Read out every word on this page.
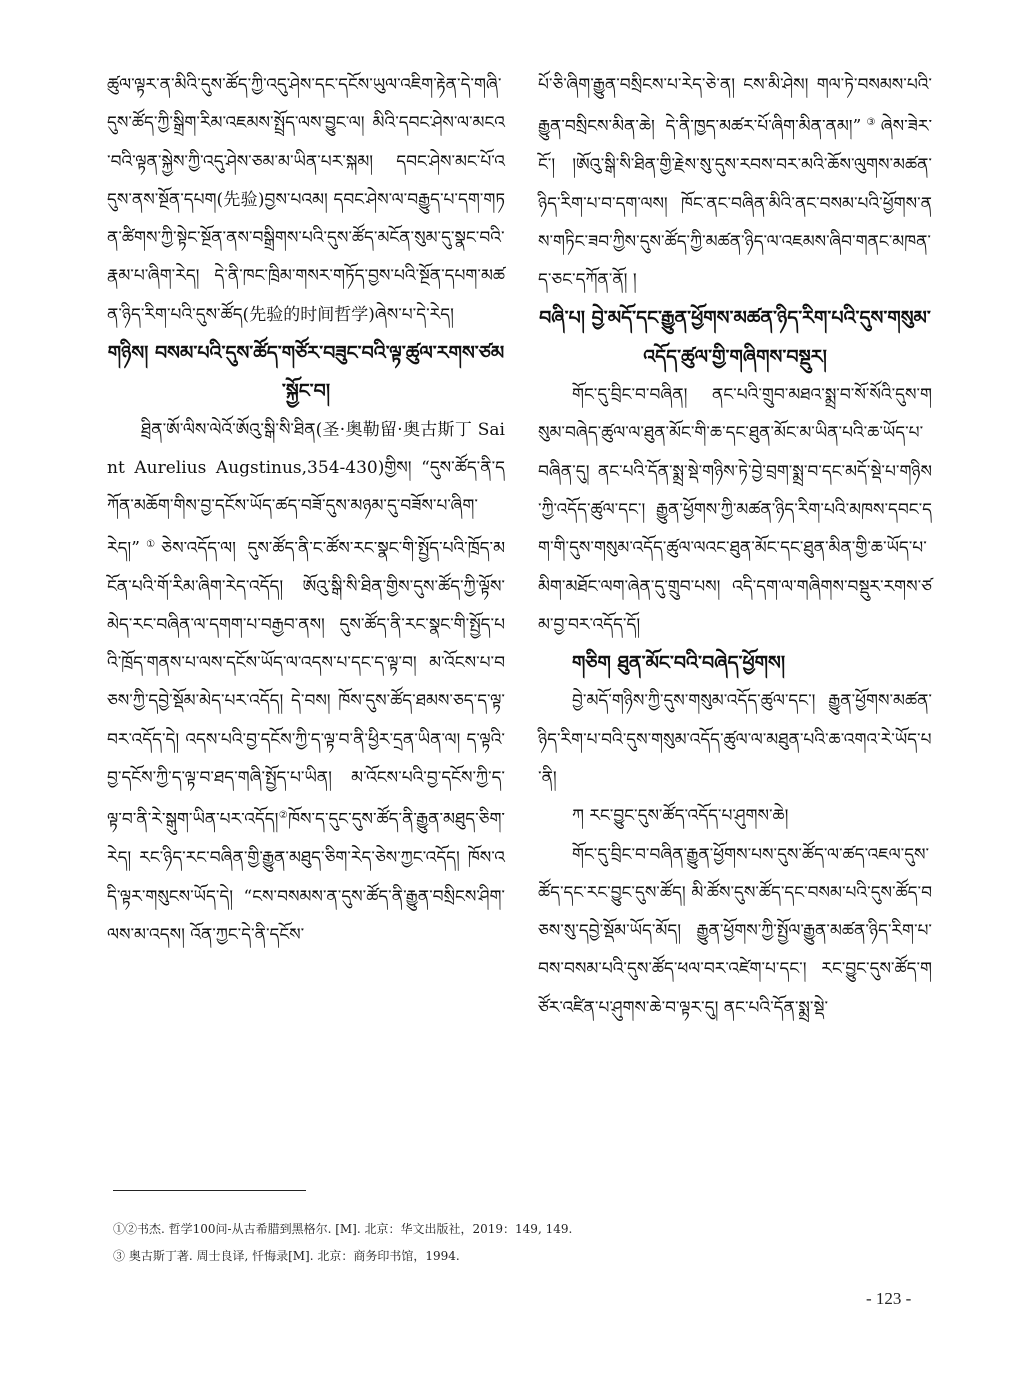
ཚུལ་ལྟར་ན་མིའི་དུས་ཚོད་ཀྱི་འདུ་ཤེས་དང་དངོས་ཡུལ་འཇིག་རྟེན་དེ་གཞི་དུས་ཚོད་ཀྱི་སྒྲིག་རིམ་འཇམས་སྤྲོད་ལས་བྱུང་ལ། མིའི་དབང་ཤེས་ལ་མངའ་བའི་ལྟན་སྐྱེས་ཀྱི་འདུ་ཤེས་ཅམ་མ་ཡིན་པར་སྐམ། དབང་ཤེས་མང་པོ་འདུས་ནས་སྔོན་དཔག(先验)བྱས་པའམ། དབང་ཤེས་ལ་བརྒྱུད་པ་དག་གཏན་ཚིགས་ཀྱི་སྟེང་སྔོན་ནས་བསྒྲིགས་པའི་དུས་ཚོད་མངོན་སུམ་དུ་སྣང་བའི་རྣམ་པ་ཞིག་རེད། དེ་ནི་ཁང་ཁྲིམ་གསར་གཏོད་བྱས་པའི་སྔོན་དཔག་མཚན་ཉིད་རིག་པའི་དུས་ཚོད(先验的时间哲学)ཞེས་པ་དེ་རེད།

གཉིས། བསམ་པའི་དུས་ཚོད་གཙོར་བཟུང་བའི་ལྟ་ཚུལ་རགས་ཙམ་སྐྱོང་བ།

ཐྲིན་ཨོ་ལིས་ལེའོ་ཨོའུ་སྒི་སི་ཐིན(圣·奥勒留·奥古斯丁 Saint Aurelius Augstinus,354-430)གྱིས། “དུས་ཚོད་ནི་དཀོན་མཆོག་གིས་བྱ་དངོས་ཡོད་ཚད་བཟོ་དུས་མཉམ་དུ་བཟོས་པ་ཞིག་རེད།”①ཅེས་འདོད་ལ། དུས་ཚོད་ནི་ང་ཚོས་རང་སྣང་གི་སྤྱོད་པའི་ཁྲོད་མངོན་པའི་གོ་རིམ་ཞིག་རེད་འདོད། ཨོའུ་སྒི་སི་ཐིན་གྱིས་དུས་ཚོད་ཀྱི་ལྟོས་མེད་རང་བཞིན་ལ་དགག་པ་བརྒྱབ་ནས། དུས་ཚོད་ནི་རང་སྣང་གི་སྤྱོད་པའི་ཁྲོད་གནས་པ་ལས་དངོས་ཡོད་ལ་འདས་པ་དང་ད་ལྟ་བ། མ་འོངས་པ་བཅས་ཀྱི་དབྱེ་སྡོམ་མེད་པར་འདོད། དེ་བས། ཁོས་དུས་ཚོད་ཐམས་ཅད་ད་ལྟ་བར་འདོད་དེ། འདས་པའི་བྱ་དངོས་ཀྱི་ད་ལྟ་བ་ནི་ཕྱིར་དྲན་ཡིན་ལ། ད་ལྟའི་བྱ་དངོས་ཀྱི་ད་ལྟ་བ་ཐད་གཞི་སྤྱོད་པ་ཡིན། མ་འོངས་པའི་བྱ་དངོས་ཀྱི་ད་ལྟ་བ་ནི་རེ་སྒུག་ཡིན་པར་འདོད།②ཁོས་ད་དུང་དུས་ཚོད་ནི་རྒྱུན་མཐུད་ཅིག་རེད། རང་ཉིད་རང་བཞིན་གྱི་རྒྱུན་མཐུད་ཅིག་རེད་ཅེས་ཀྱང་འདོད། ཁོས་འདི་ལྟར་གསུངས་ཡོད་དེ། “ངས་བསམས་ན་དུས་ཚོད་ནི་རྒྱུན་བསྲིངས་ཤིག་ལས་མ་འདས། འོན་ཀྱང་དེ་ནི་དངོས་

པོ་ཅི་ཞིག་རྒྱུན་བསྲིངས་པ་རེད་ཅེ་ན། ངས་མི་ཤེས། གལ་ཏེ་བསམས་པའི་རྒྱུན་བསྲིངས་མིན་ཆེ། དེ་ནི་ཁྱད་མཚར་པོ་ཞིག་མིན་ནམ།”③ཞེས་ཟེར་ངོ་། །ཨོའུ་སྒི་སི་ཐིན་གྱི་རྗེས་སུ་དུས་རབས་བར་མའི་ཆོས་ལུགས་མཚན་ཉིད་རིག་པ་བ་དག་ལས། ཁོང་ནང་བཞིན་མིའི་ནང་བསམ་པའི་ཕྱོགས་ནས་གཏིང་ཟབ་ཀྱིས་དུས་ཚོད་ཀྱི་མཚན་ཉིད་ལ་འཇམས་ཞིབ་གནང་མཁན་ད་ཅང་དཀོན་ནོ། །

བཞི་པ། བྱེ་མདོ་དང་རྒྱུན་ཕྱོགས་མཚན་ཉིད་རིག་པའི་དུས་གསུམ་འདོད་ཚུལ་གྱི་གཞིགས་བསྡུར།

གོང་དུ་བྲིང་བ་བཞིན། ནང་པའི་གྲུབ་མཐའ་སྨྲ་བ་སོ་སོའི་དུས་གསུམ་བཞེད་ཚུལ་ལ་ཐུན་མོང་གི་ཆ་དང་ཐུན་མོང་མ་ཡིན་པའི་ཆ་ཡོད་པ་བཞིན་དུ། ནང་པའི་དོན་སྨྲ་སྡེ་གཉིས་ཏེ་བྱེ་བྲག་སྨྲ་བ་དང་མདོ་སྡེ་པ་གཉིས་ཀྱི་འདོད་ཚུལ་དང་། རྒྱུན་ཕྱོགས་ཀྱི་མཚན་ཉིད་རིག་པའི་མཁས་དབང་དག་གི་དུས་གསུམ་འདོད་ཚུལ་ལའང་ཐུན་མོང་དང་ཐུན་མིན་གྱི་ཆ་ཡོད་པ་མིག་མཐོང་ལག་ཞེན་དུ་གྲུབ་པས། འདི་དག་ལ་གཞིགས་བསྡུར་རགས་ཙམ་བྱ་བར་འདོད་དོ།

གཅིག ཐུན་མོང་བའི་བཞེད་ཕྱོགས།

བྱེ་མདོ་གཉིས་ཀྱི་དུས་གསུམ་འདོད་ཚུལ་དང་། རྒྱུན་ཕྱོགས་མཚན་ཉིད་རིག་པ་བའི་དུས་གསུམ་འདོད་ཚུལ་ལ་མཐུན་པའི་ཆ་འགའ་རེ་ཡོད་པ་ནི།

ཀ རང་བྱུང་དུས་ཚོད་འདོད་པ་ཤུགས་ཆེ།

གོང་དུ་བྲིང་བ་བཞིན་རྒྱུན་ཕྱོགས་པས་དུས་ཚོད་ལ་ཚད་འཇལ་དུས་ཚོད་དང་རང་བྱུང་དུས་ཚོད། མི་ཚོས་དུས་ཚོད་དང་བསམ་པའི་དུས་ཚོད་བཅས་སུ་དབྱེ་སྡོམ་ཡོད་མོད། རྒྱུན་ཕྱོགས་ཀྱི་སྤྱོལ་རྒྱུན་མཚན་ཉིད་རིག་པ་བས་བསམ་པའི་དུས་ཚོད་ཕལ་བར་འཛེག་པ་དང་། རང་བྱུང་དུས་ཚོད་གཙོར་འཛིན་པ་ཤུགས་ཆེ་བ་ལྟར་དུ། ནང་པའི་དོན་སྨྲ་སྡེ་

①②书杰. 哲学100问-从古希腊到黑格尔. [M]. 北京：华文出版社，2019：149, 149.
③ 奥古斯丁著. 周士良译, 忏悔录[M]. 北京：商务印书馆，1994.
- 123 -
